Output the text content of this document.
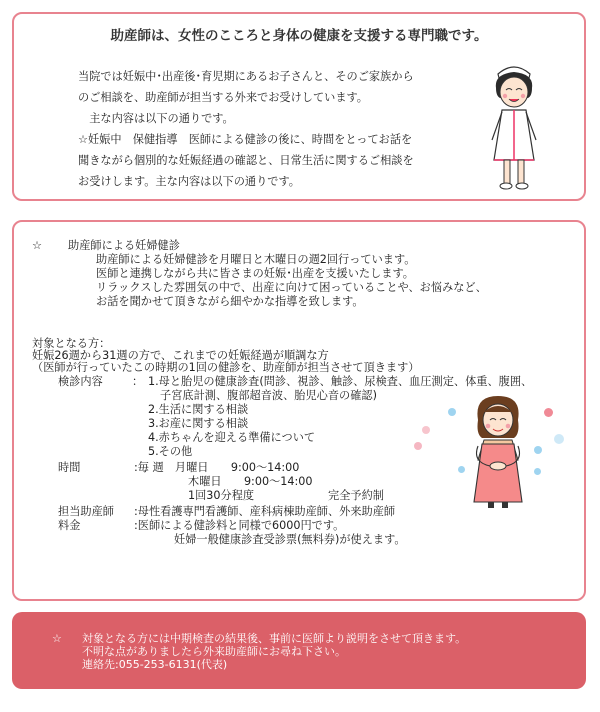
助産師は、女性のこころと身体の健康を支援する専門職です。
当院では妊娠中･出産後･育児期にあるお子さんと、そのご家族から
のご相談を、助産師が担当する外来でお受けしています。
　主な内容は以下の通りです。
☆妊娠中　保健指導　医師による健診の後に、時間をとってお話を
聞きながら個別的な妊娠経過の確認と、日常生活に関するご相談を
お受けします。主な内容は以下の通りです。
☆ 助産師による妊婦健診
助産師による妊婦健診を月曜日と木曜日の週2回行っています。
医師と連携しながら共に皆さまの妊娠･出産を支援いたします。
リラックスした雰囲気の中で、出産に向けて困っていることや、お悩みなど、
お話を聞かせて頂きながら細やかな指導を致します。
対象となる方：
妊娠26週から31週の方で、これまでの妊娠経過が順調な方
（医師が行っていたこの時期の1回の健診を、助産師が担当させて頂きます）
検診内容	： 1.母と胎児の健康診査(問診、視診、触診、尿検査、血圧測定、体重、腹囲、
子宮底計測、腹部超音波、胎児心音の確認)
2.生活に関する相談
3.お産に関する相談
4.赤ちゃんを迎える準備について
5.その他
時間	:毎 週　月曜日　　9:00～14:00
木曜日　　9:00～14:00
1回30分程度	完全予約制
担当助産師 :母性看護専門看護師、産科病棟助産師、外来助産師
料金	:医師による健診料と同様で6000円です。
妊婦一般健康診査受診票(無料券)が使えます。
☆ 対象となる方には中期検査の結果後、事前に医師より説明をさせて頂きます。
不明な点がありましたら外来助産師にお尋ね下さい。
連絡先:055-253-6131(代表)
